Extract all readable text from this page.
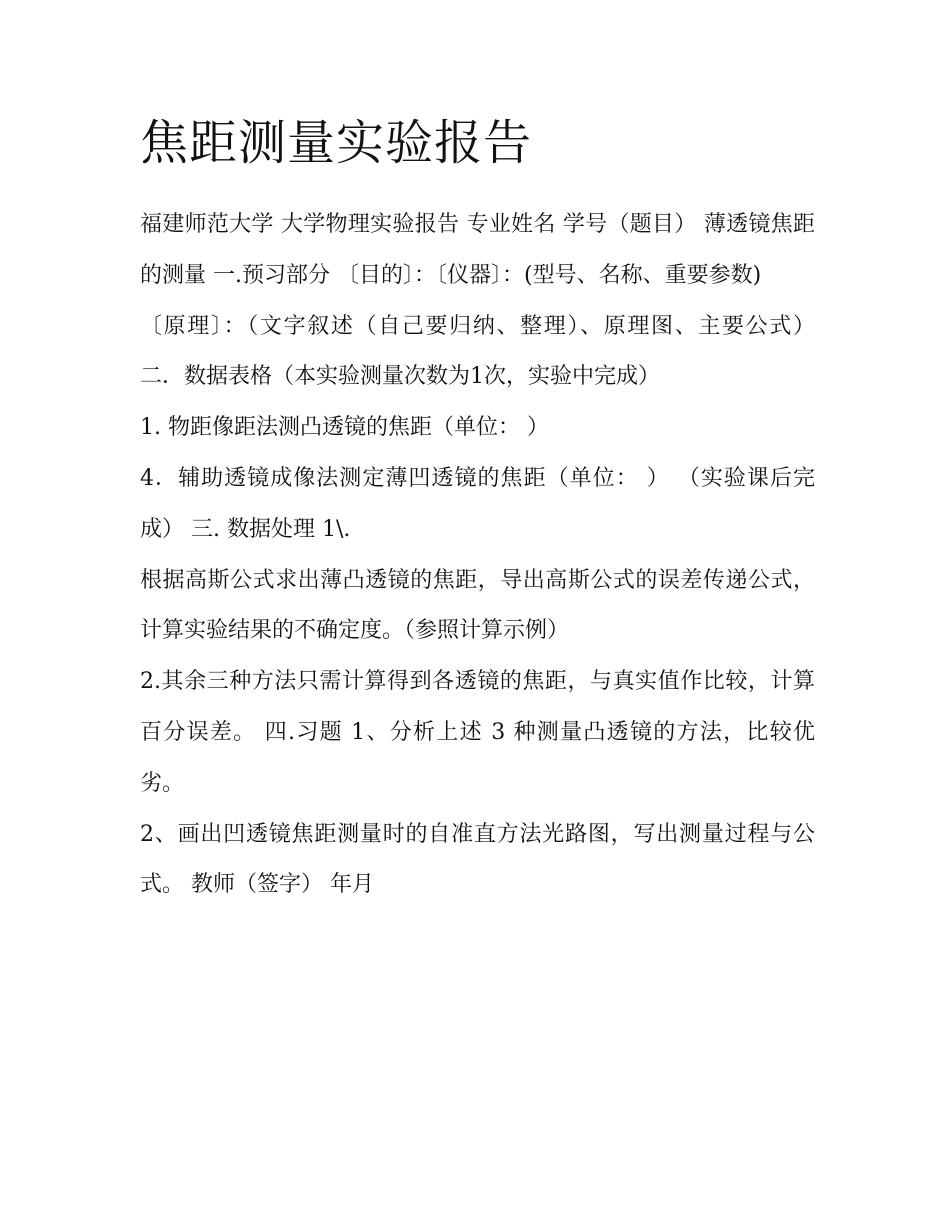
焦距测量实验报告

福建师范大学 大学物理实验报告 专业姓名 学号（题目） 薄透镜焦距的测量 一.预习部分 〔目的〕：〔仪器〕：(型号、名称、重要参数)

〔原理〕：（文字叙述（自己要归纳、整理）、原理图、主要公式） 二．数据表格（本实验测量次数为1次，实验中完成）

1. 物距像距法测凸透镜的焦距（单位： ）

4．辅助透镜成像法测定薄凹透镜的焦距（单位： ） （实验课后完成） 三. 数据处理 1\.

根据高斯公式求出薄凸透镜的焦距，导出高斯公式的误差传递公式，计算实验结果的不确定度。（参照计算示例）

2.其余三种方法只需计算得到各透镜的焦距，与真实值作比较，计算百分误差。 四.习题 1、分析上述 3 种测量凸透镜的方法，比较优劣。

2、画出凹透镜焦距测量时的自准直方法光路图，写出测量过程与公式。 教师（签字） 年月
